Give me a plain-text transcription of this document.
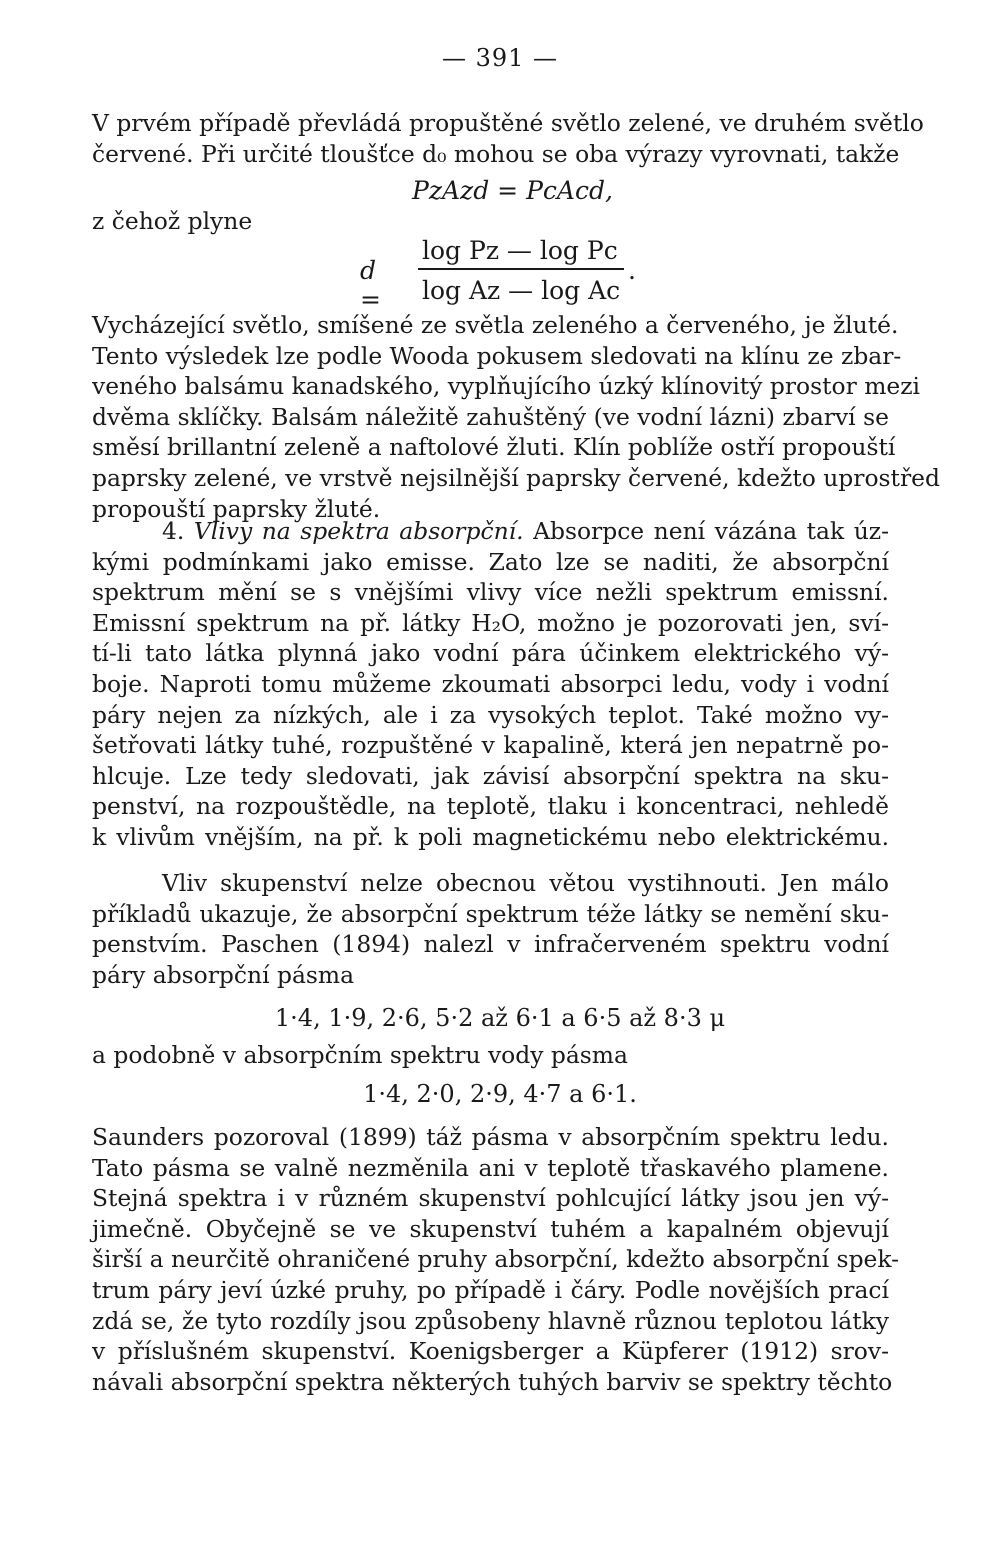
— 391 —
V prvém případě převládá propuštěné světlo zelené, ve druhém světlo
červené. Při určité tloušťce d₀ mohou se oba výrazy vyrovnati, takže
PzAzd = PcAcd,
z čehož plyne
d =
log Pz — log Pc
log Az — log Ac
.
Vycházející světlo, smíšené ze světla zeleného a červeného, je žluté.
Tento výsledek lze podle Wooda pokusem sledovati na klínu ze zbar-
veného balsámu kanadského, vyplňujícího úzký klínovitý prostor mezi
dvěma sklíčky. Balsám náležitě zahuštěný (ve vodní lázni) zbarví se
směsí brillantní zeleně a naftolové žluti. Klín poblíže ostří propouští
paprsky zelené, ve vrstvě nejsilnější paprsky červené, kdežto uprostřed
propouští paprsky žluté.
4. Vlivy na spektra absorpční. Absorpce není vázána tak úz-
kými podmínkami jako emisse. Zato lze se naditi, že absorpční
spektrum mění se s vnějšími vlivy více nežli spektrum emissní.
Emissní spektrum na př. látky H₂O, možno je pozorovati jen, sví-
tí-li tato látka plynná jako vodní pára účinkem elektrického vý-
boje. Naproti tomu můžeme zkoumati absorpci ledu, vody i vodní
páry nejen za nízkých, ale i za vysokých teplot. Také možno vy-
šetřovati látky tuhé, rozpuštěné v kapalině, která jen nepatrně po-
hlcuje. Lze tedy sledovati, jak závisí absorpční spektra na sku-
penství, na rozpouštědle, na teplotě, tlaku i koncentraci, nehledě
k vlivům vnějším, na př. k poli magnetickému nebo elektrickému.
Vliv skupenství nelze obecnou větou vystihnouti. Jen málo
příkladů ukazuje, že absorpční spektrum téže látky se nemění sku-
penstvím. Paschen (1894) nalezl v infračerveném spektru vodní
páry absorpční pásma
1·4, 1·9, 2·6, 5·2 až 6·1 a 6·5 až 8·3 μ
a podobně v absorpčním spektru vody pásma
1·4, 2·0, 2·9, 4·7 a 6·1.
Saunders pozoroval (1899) táž pásma v absorpčním spektru ledu.
Tato pásma se valně nezměnila ani v teplotě třaskavého plamene.
Stejná spektra i v různém skupenství pohlcující látky jsou jen vý-
jimečně. Obyčejně se ve skupenství tuhém a kapalném objevují
širší a neurčitě ohraničené pruhy absorpční, kdežto absorpční spek-
trum páry jeví úzké pruhy, po případě i čáry. Podle novějších prací
zdá se, že tyto rozdíly jsou způsobeny hlavně různou teplotou látky
v příslušném skupenství. Koenigsberger a Küpferer (1912) srov-
návali absorpční spektra některých tuhých barviv se spektry těchto
